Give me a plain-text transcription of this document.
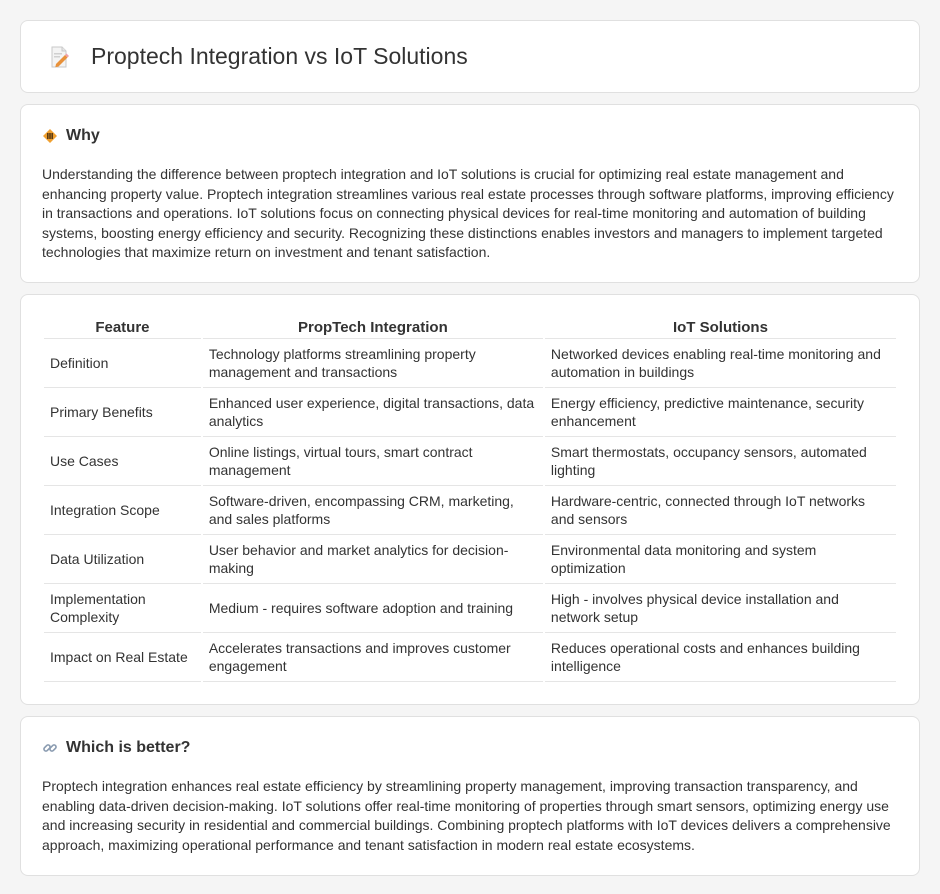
Proptech Integration vs IoT Solutions
Why

Understanding the difference between proptech integration and IoT solutions is crucial for optimizing real estate management and enhancing property value. Proptech integration streamlines various real estate processes through software platforms, improving efficiency in transactions and operations. IoT solutions focus on connecting physical devices for real-time monitoring and automation of building systems, boosting energy efficiency and security. Recognizing these distinctions enables investors and managers to implement targeted technologies that maximize return on investment and tenant satisfaction.

Feature	PropTech Integration	IoT Solutions
Definition	Technology platforms streamlining property management and transactions	Networked devices enabling real-time monitoring and automation in buildings
Primary Benefits	Enhanced user experience, digital transactions, data analytics	Energy efficiency, predictive maintenance, security enhancement
Use Cases	Online listings, virtual tours, smart contract management	Smart thermostats, occupancy sensors, automated lighting
Integration Scope	Software-driven, encompassing CRM, marketing, and sales platforms	Hardware-centric, connected through IoT networks and sensors
Data Utilization	User behavior and market analytics for decision-making	Environmental data monitoring and system optimization
Implementation Complexity	Medium - requires software adoption and training	High - involves physical device installation and network setup
Impact on Real Estate	Accelerates transactions and improves customer engagement	Reduces operational costs and enhances building intelligence
Which is better?

Proptech integration enhances real estate efficiency by streamlining property management, improving transaction transparency, and enabling data-driven decision-making. IoT solutions offer real-time monitoring of properties through smart sensors, optimizing energy use and increasing security in residential and commercial buildings. Combining proptech platforms with IoT devices delivers a comprehensive approach, maximizing operational performance and tenant satisfaction in modern real estate ecosystems.
